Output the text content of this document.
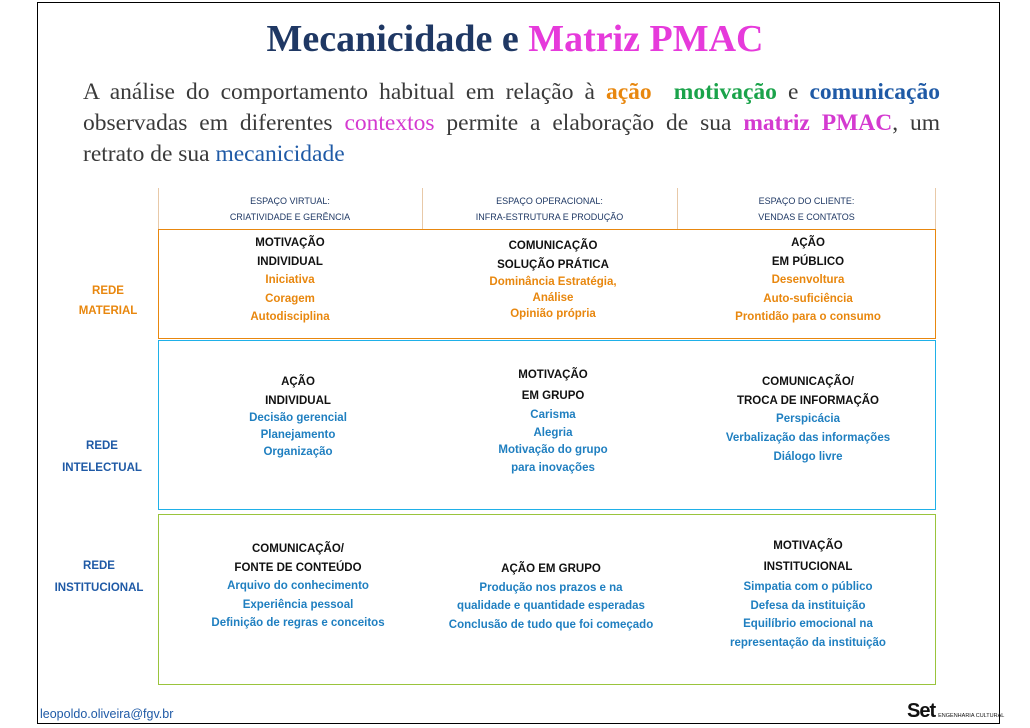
Mecanicidade e Matriz PMAC
A análise do comportamento habitual em relação à ação motivação e comunicação observadas em diferentes contextos permite a elaboração de sua matriz PMAC, um retrato de sua mecanicidade
ESPAÇO VIRTUAL:
CRIATIVIDADE E GERÊNCIA
ESPAÇO OPERACIONAL:
INFRA-ESTRUTURA E PRODUÇÃO
ESPAÇO DO CLIENTE:
VENDAS E CONTATOS
MOTIVAÇÃO
INDIVIDUAL
Iniciativa
Coragem
Autodisciplina
COMUNICAÇÃO
SOLUÇÃO PRÁTICA
Dominância Estratégia,
Análise
Opinião própria
AÇÃO
EM PÚBLICO
Desenvoltura
Auto-suficiência
Prontidão para o consumo
AÇÃO
INDIVIDUAL
Decisão gerencial
Planejamento
Organização
MOTIVAÇÃO
EM GRUPO
Carisma
Alegria
Motivação do grupo
para inovações
COMUNICAÇÃO/
TROCA DE INFORMAÇÃO
Perspicácia
Verbalização das informações
Diálogo livre
COMUNICAÇÃO/
FONTE DE CONTEÚDO
Arquivo do conhecimento
Experiência pessoal
Definição de regras e conceitos
AÇÃO EM GRUPO
Produção nos prazos e na
qualidade e quantidade esperadas
Conclusão de tudo que foi começado
MOTIVAÇÃO
INSTITUCIONAL
Simpatia com o público
Defesa da instituição
Equilíbrio emocional na
representação da instituição
REDE
MATERIAL
REDE
INTELECTUAL
REDE
INSTITUCIONAL
leopoldo.oliveira@fgv.br	Set ENGENHARIA CULTURAL
